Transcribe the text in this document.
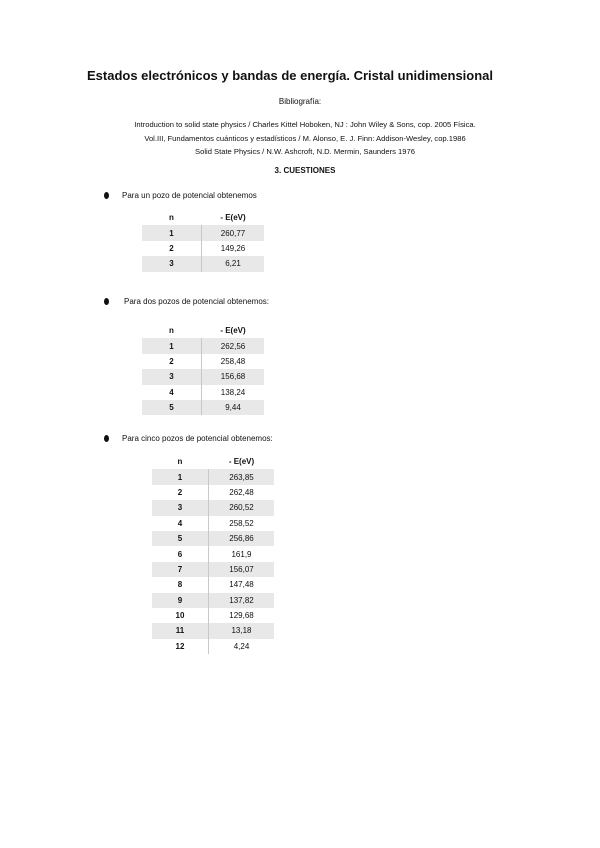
Estados electrónicos y bandas de energía. Cristal unidimensional
Bibliografía:
Introduction to solid state physics / Charles Kittel Hoboken, NJ : John Wiley & Sons, cop. 2005 Física.
Vol.III, Fundamentos cuánticos y estadísticos / M. Alonso, E. J. Finn: Addison-Wesley, cop.1986
Solid State Physics / N.W. Ashcroft, N.D. Mermin, Saunders 1976
3. CUESTIONES
Para un pozo de potencial obtenemos
n	- E(eV)
1	260,77
2	149,26
3	6,21
Para dos pozos de potencial obtenemos:
n	- E(eV)
1	262,56
2	258,48
3	156,68
4	138,24
5	9,44
Para cinco pozos de potencial obtenemos:
n	- E(eV)
1	263,85
2	262,48
3	260,52
4	258,52
5	256,86
6	161,9
7	156,07
8	147,48
9	137,82
10	129,68
11	13,18
12	4,24
